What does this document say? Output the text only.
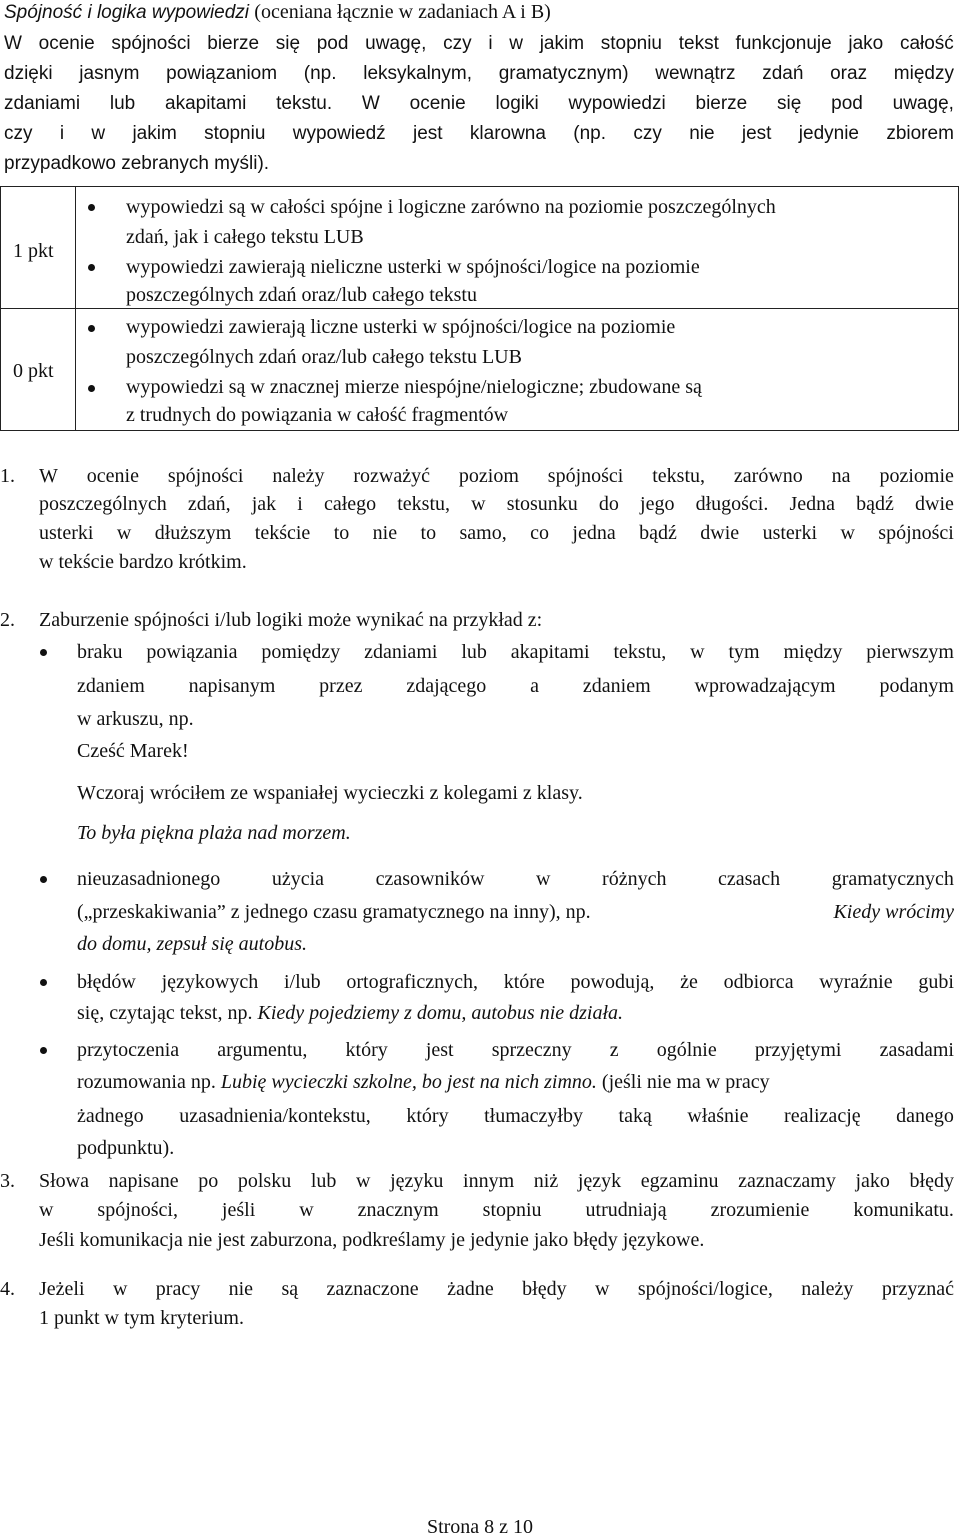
Spójność i logika wypowiedzi (oceniana łącznie w zadaniach A i B)
W ocenie spójności bierze się pod uwagę, czy i w jakim stopniu tekst funkcjonuje jako całość
dzięki jasnym powiązaniom (np. leksykalnym, gramatycznym) wewnątrz zdań oraz między
zdaniami lub akapitami tekstu. W ocenie logiki wypowiedzi bierze się pod uwagę,
czy i w jakim stopniu wypowiedź jest klarowna (np. czy nie jest jedynie zbiorem
przypadkowo zebranych myśli).
1 pkt	wypowiedzi są w całości spójne i logiczne zarówno na poziomie poszczególnych
zdań, jak i całego tekstu LUB
wypowiedzi zawierają nieliczne usterki w spójności/logice na poziomie
poszczególnych zdań oraz/lub całego tekstu

0 pkt	wypowiedzi zawierają liczne usterki w spójności/logice na poziomie
poszczególnych zdań oraz/lub całego tekstu LUB
wypowiedzi są w znacznej mierze niespójne/nielogiczne; zbudowane są
z trudnych do powiązania w całość fragmentów
1. W ocenie spójności należy rozważyć poziom spójności tekstu, zarówno na poziomie
poszczególnych zdań, jak i całego tekstu, w stosunku do jego długości. Jedna bądź dwie
usterki w dłuższym tekście to nie to samo, co jedna bądź dwie usterki w spójności
w tekście bardzo krótkim.
2. Zaburzenie spójności i/lub logiki może wynikać na przykład z:
braku powiązania pomiędzy zdaniami lub akapitami tekstu, w tym między pierwszym
zdaniem napisanym przez zdającego a zdaniem wprowadzającym podanym
w arkuszu, np.
Cześć Marek!
Wczoraj wróciłem ze wspaniałej wycieczki z kolegami z klasy.
To była piękna plaża nad morzem.
nieuzasadnionego	użycia	czasowników	w	różnych	czasach	gramatycznych
(„przeskakiwania” z jednego czasu gramatycznego na inny), np.	Kiedy wrócimy
do domu, zepsuł się autobus.
błędów językowych i/lub ortograficznych, które powodują, że odbiorca wyraźnie gubi
się, czytając tekst, np. Kiedy pojedziemy z domu, autobus nie działa.
przytoczenia argumentu, który jest sprzeczny z ogólnie przyjętymi zasadami
rozumowania np. Lubię wycieczki szkolne, bo jest na nich zimno. (jeśli nie ma w pracy
żadnego uzasadnienia/kontekstu, który tłumaczyłby taką właśnie realizację danego
podpunktu).
3. Słowa napisane po polsku lub w języku innym niż język egzaminu zaznaczamy jako błędy
w spójności, jeśli w znacznym stopniu utrudniają zrozumienie komunikatu.
Jeśli komunikacja nie jest zaburzona, podkreślamy je jedynie jako błędy językowe.
4. Jeżeli w pracy nie są zaznaczone żadne błędy w spójności/logice, należy przyznać
1 punkt w tym kryterium.
Strona 8 z 10
